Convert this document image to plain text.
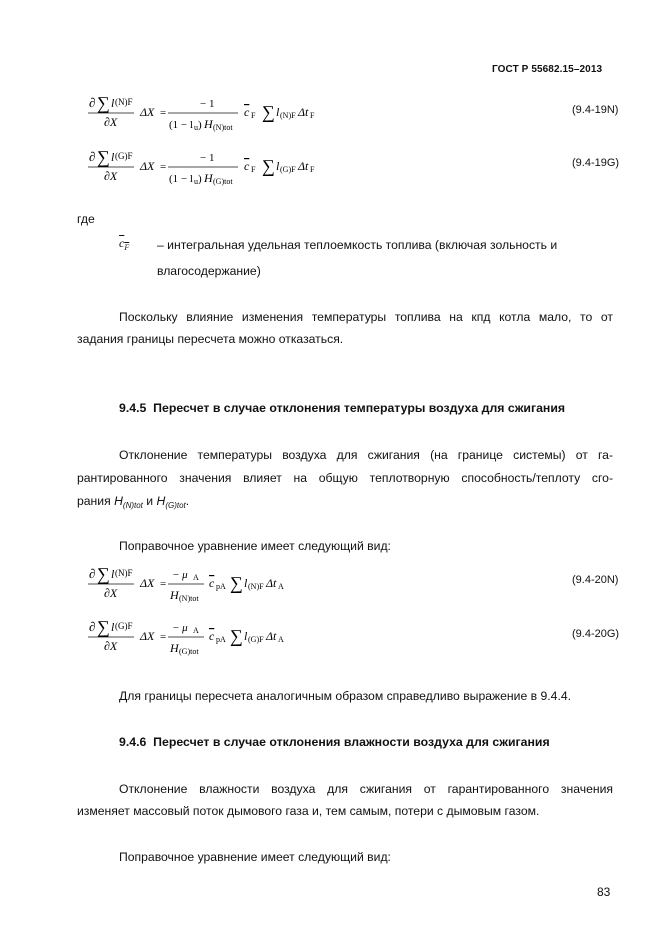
ГОСТ Р 55682.15–2013
∂ ∑ l (N)F
∂X
ΔX =
− 1
(1 − l u ) H (N)tot
c F ∑ l (N)F Δt F	(9.4-19N)
∂ ∑ l (G)F
∂X
ΔX =
− 1
(1 − l u ) H (G)tot
c F ∑ l (G)F Δt F
(9.4-19G)
где
$c_F$ – интегральная удельная теплоемкость топлива (включая зольность и
влагосодержание)
Поскольку влияние изменения температуры топлива на кпд котла мало, то от
задания границы пересчета можно отказаться.
9.4.5  Пересчет в случае отклонения температуры воздуха для сжигания
Отклонение температуры воздуха для сжигания (на границе системы) от га-
рантированного значения влияет на общую теплотворную способность/теплоту сго-
рания $H_{(N)tot}$ и $H_{(G)tot}$.
Поправочное уравнение имеет следующий вид:
∂ ∑ l (N)F
∂X
ΔX =
− μ A
H (N)tot
c pA ∑ l (N)F Δt A
(9.4-20N)
∂ ∑ l (G)F
∂X
ΔX =
− μ A
H (G)tot
c pA ∑ l (G)F Δt A	(9.4-20G)
Для границы пересчета аналогичным образом справедливо выражение в 9.4.4.
9.4.6  Пересчет в случае отклонения влажности воздуха для сжигания
Отклонение влажности воздуха для сжигания от гарантированного значения
изменяет массовый поток дымового газа и, тем самым, потери с дымовым газом.
Поправочное уравнение имеет следующий вид:
83
